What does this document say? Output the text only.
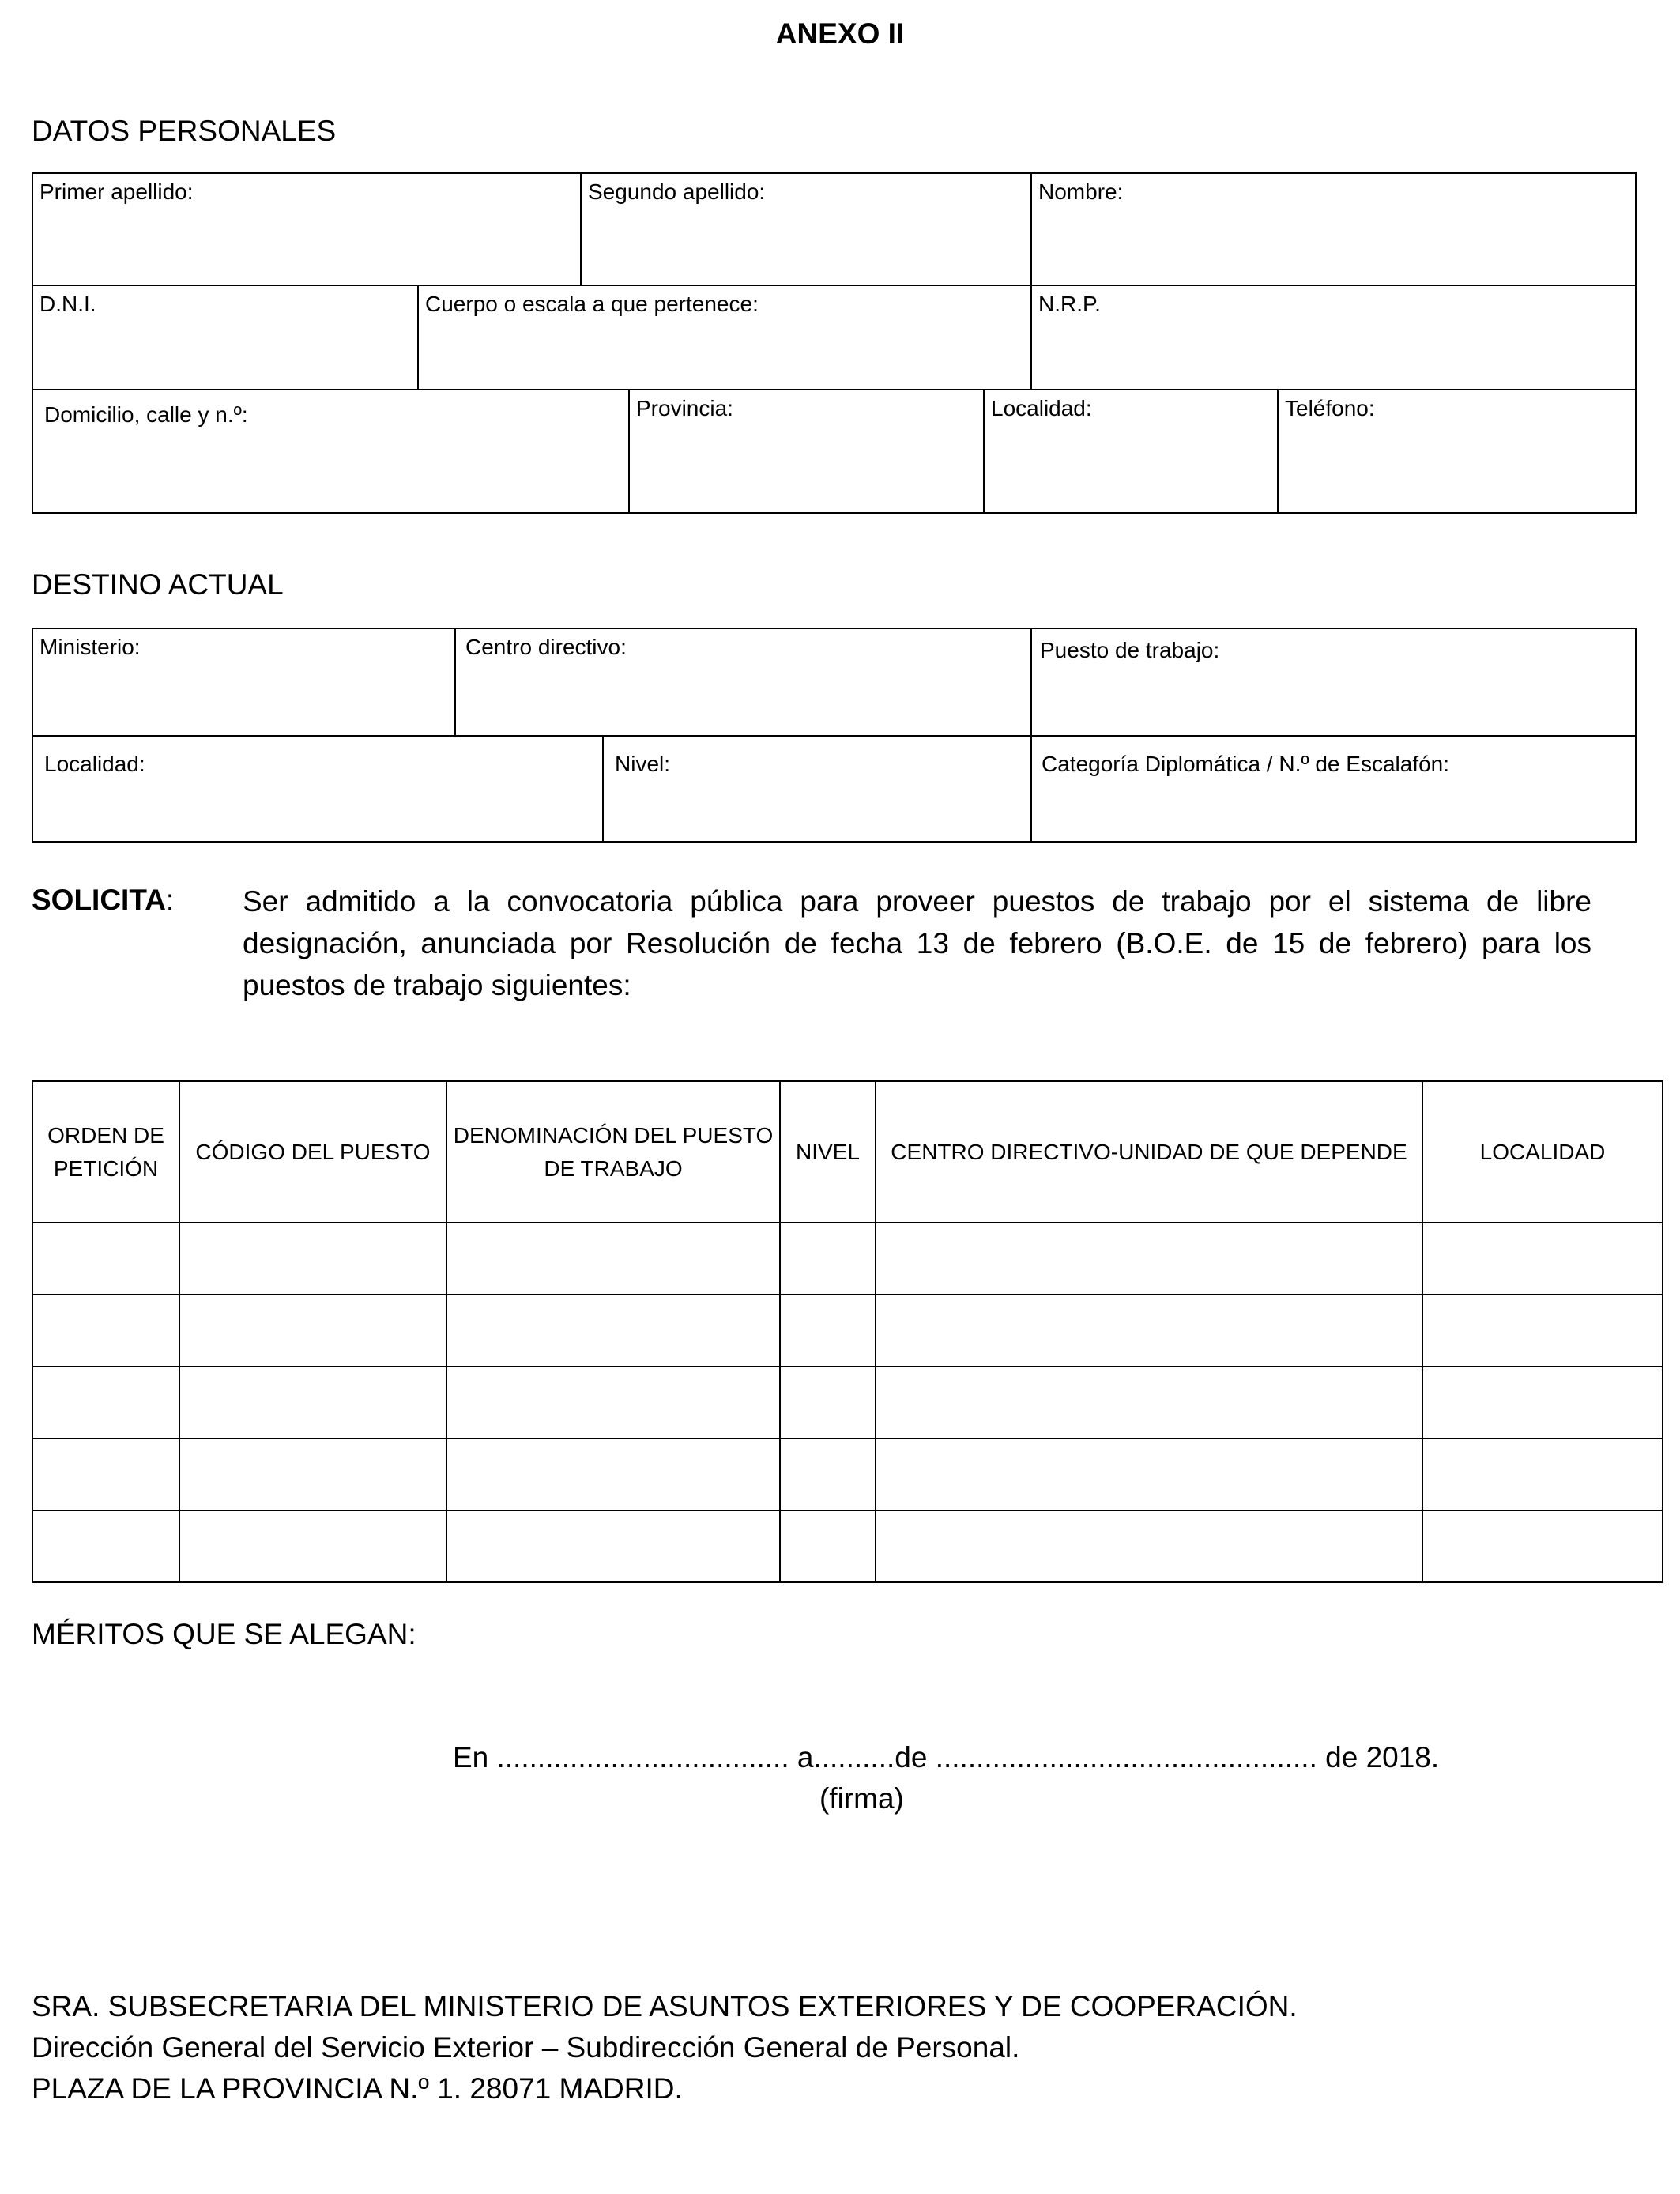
ANEXO II
DATOS PERSONALES
Primer apellido:	Segundo apellido:	Nombre:
D.N.I.	Cuerpo o escala a que pertenece:	N.R.P.
Domicilio, calle y n.º:	Provincia:	Localidad:	Teléfono:
DESTINO ACTUAL
Ministerio:	Centro directivo:	Puesto de trabajo:
Localidad:	Nivel:	Categoría Diplomática / N.º de Escalafón:
SOLICITA: Ser admitido a la convocatoria pública para proveer puestos de trabajo por el sistema de libre designación, anunciada por Resolución de fecha 13 de febrero (B.O.E. de 15 de febrero) para los puestos de trabajo siguientes:
ORDEN DE PETICIÓN	CÓDIGO DEL PUESTO	DENOMINACIÓN DEL PUESTO DE TRABAJO	NIVEL	CENTRO DIRECTIVO-UNIDAD DE QUE DEPENDE	LOCALIDAD

MÉRITOS QUE SE ALEGAN:
En .................................... a..........de ............................................... de 2018.
(firma)
SRA. SUBSECRETARIA DEL MINISTERIO DE ASUNTOS EXTERIORES Y DE COOPERACIÓN.
Dirección General del Servicio Exterior – Subdirección General de Personal.
PLAZA DE LA PROVINCIA N.º 1. 28071 MADRID.
